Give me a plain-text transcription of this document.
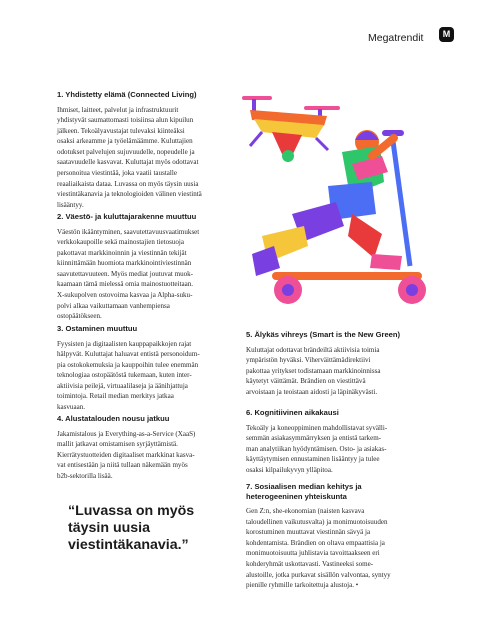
Megatrendit	M
1. Yhdistetty elämä (Connected Living)

Ihmiset, laitteet, palvelut ja infrastruktuurit
yhdistyvät saumattomasti toisiinsa alun kipuilun
jälkeen. Tekoälyavustajat tulevaksi kiinteäksi
osaksi arkeamme ja työelämäämme. Kuluttajien
odotukset palvelujen sujuvuudelle, nopeudelle ja
saatavuudelle kasvavat. Kuluttajat myös odottavat
personoitua viestintää, joka vaatii taustalle
reaaliaikaista dataa. Luvassa on myös täysin uusia
viestintäkanavia ja teknologioiden välinen viestintä
lisääntyy.

2. Väestö- ja kuluttajarakenne muuttuu

Väestön ikääntyminen, saavutettavuusvaatimukset
verkkokaupoille sekä mainostajien tietosuoja
pakottavat markkinoinnin ja viestinnän tekijät
kiinnittämään huomiota markkinointiviestinnän
saavutettavuuteen. Myös mediat joutuvat muok-
kaamaan tämä mielessä omia mainostuotteitaan.
X-sukupolven ostovoima kasvaa ja Alpha-suku-
polvi alkaa vaikuttamaan vanhempiensa
ostopäätökseen.

3. Ostaminen muuttuu

Fyysisten ja digitaalisten kauppapaikkojen rajat
hälpyvät. Kuluttajat haluavat entistä personoidum-
pia ostokokemuksia ja kauppoihin tulee enemmän
teknologiaa ostopäätöstä tukemaan, kuten inter-
aktiivisia peilejä, virtuaalilaseja ja äänihjattuja
toimintoja. Retail median merkitys jatkaa
kasvuaan.

4. Alustatalouden nousu jatkuu

Jakamistalous ja Everything-as-a-Service (XaaS)
mallit jatkavat omistamisen syrjäyttämistä.
Kierrätystuotteiden digitaaliset markkinat kasva-
vat entisestään ja niitä tullaan näkemään myös
b2b-sektorilla lisää.

“Luvassa on myös
täysin uusia
viestintäkanavia.”
5. Älykäs vihreys (Smart is the New Green)

Kuluttajat odottavat brändeiltä aktiivisia toimia
ympäristön hyväksi. Viherväittämädirektiivi
pakottaa yritykset todistamaan markkinoinnissa
käytetyt väittämät. Brändien on viestittävä
arvoistaan ja teoistaan aidosti ja läpinäkyvästi.

6. Kognitiivinen aikakausi

Tekoäly ja koneoppiminen mahdollistavat syvälli-
semmän asiakasymmärryksen ja entistä tarkem-
man analytiikan hyödyntämisen. Osto- ja asiakas-
käyttäytymisen ennustaminen lisääntyy ja tulee
osaksi kilpailukyvyn ylläpitoa.

7. Sosiaalisen median kehitys ja
heterogeeninen yhteiskunta

Gen Z:n, she-ekonomian (naisten kasvava
taloudellinen vaikutusvalta) ja monimuotoisuuden
korostuminen muuttavat viestinnän sävyä ja
kohdentamista. Brändien on oltava empaattisia ja
monimuotoisuutta juhlistavia tavoittaakseen eri
kohderyhmät uskottavasti. Vastineeksi some-
alustoille, jotka purkavat sisällön valvontaa, syntyy
pienille ryhmille tarkoitettuja alustoja. •
